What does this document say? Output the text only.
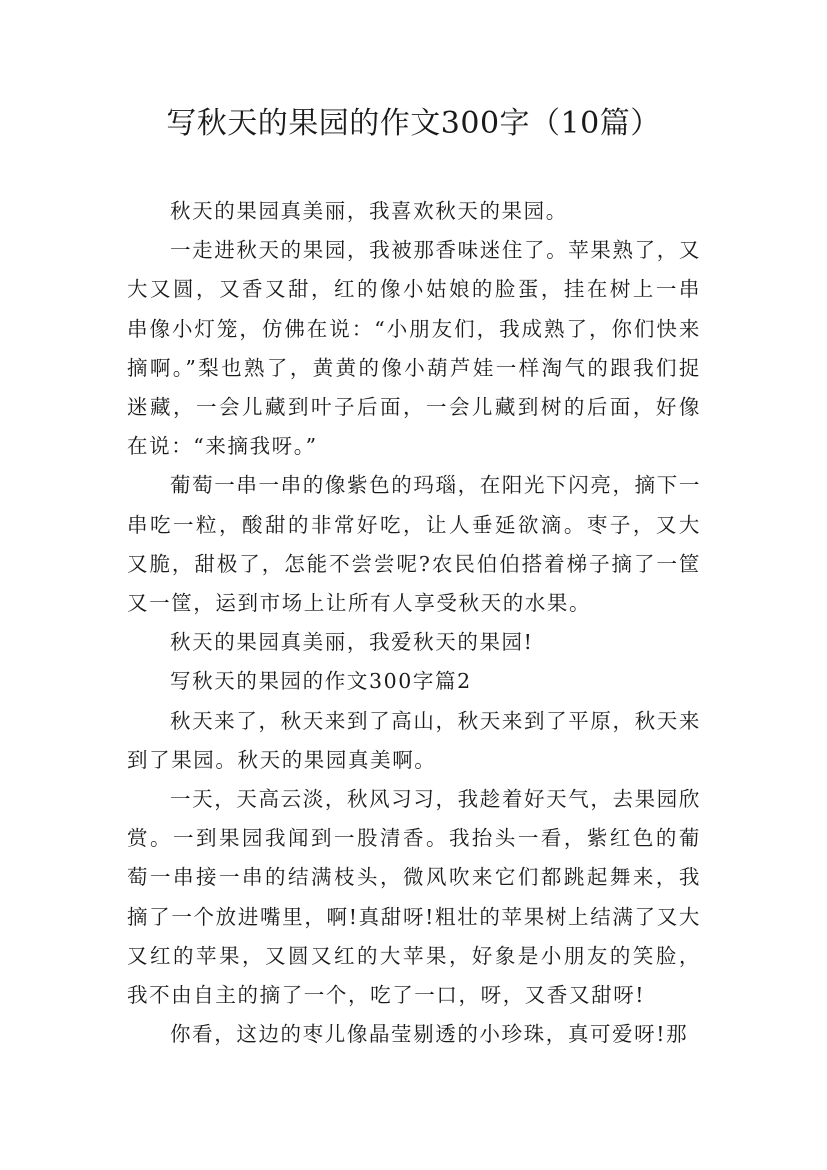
写秋天的果园的作文300字（10篇）

秋天的果园真美丽，我喜欢秋天的果园。

一走进秋天的果园，我被那香味迷住了。苹果熟了，又大又圆，又香又甜，红的像小姑娘的脸蛋，挂在树上一串串像小灯笼，仿佛在说：“小朋友们，我成熟了，你们快来摘啊。”梨也熟了，黄黄的像小葫芦娃一样淘气的跟我们捉迷藏，一会儿藏到叶子后面，一会儿藏到树的后面，好像在说：“来摘我呀。”

葡萄一串一串的像紫色的玛瑙，在阳光下闪亮，摘下一串吃一粒，酸甜的非常好吃，让人垂延欲滴。枣子，又大又脆，甜极了，怎能不尝尝呢?农民伯伯搭着梯子摘了一筐又一筐，运到市场上让所有人享受秋天的水果。

秋天的果园真美丽，我爱秋天的果园!

写秋天的果园的作文300字篇2

秋天来了，秋天来到了高山，秋天来到了平原，秋天来到了果园。秋天的果园真美啊。

一天，天高云淡，秋风习习，我趁着好天气，去果园欣赏。一到果园我闻到一股清香。我抬头一看，紫红色的葡萄一串接一串的结满枝头，微风吹来它们都跳起舞来，我摘了一个放进嘴里，啊!真甜呀!粗壮的苹果树上结满了又大又红的苹果，又圆又红的大苹果，好象是小朋友的笑脸，我不由自主的摘了一个，吃了一口，呀，又香又甜呀!

你看，这边的枣儿像晶莹剔透的小珍珠，真可爱呀!那
